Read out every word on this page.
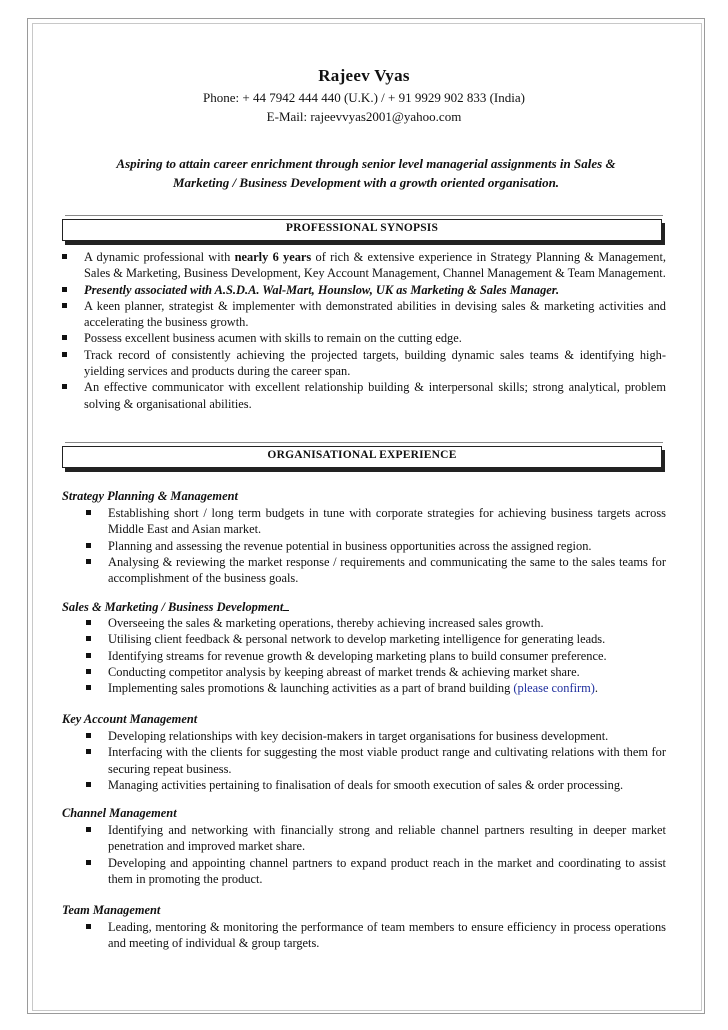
Rajeev Vyas
Phone: + 44 7942 444 440 (U.K.) / + 91 9929 902 833 (India)
E-Mail: rajeevvyas2001@yahoo.com
Aspiring to attain career enrichment through senior level managerial assignments in Sales &
Marketing / Business Development with a growth oriented organisation.
PROFESSIONAL SYNOPSIS
A dynamic professional with nearly 6 years of rich & extensive experience in Strategy Planning & Management, Sales & Marketing, Business Development, Key Account Management, Channel Management & Team Management.
Presently associated with A.S.D.A. Wal-Mart, Hounslow, UK as Marketing & Sales Manager.
A keen planner, strategist & implementer with demonstrated abilities in devising sales & marketing activities and accelerating the business growth.
Possess excellent business acumen with skills to remain on the cutting edge.
Track record of consistently achieving the projected targets, building dynamic sales teams & identifying high-yielding services and products during the career span.
An effective communicator with excellent relationship building & interpersonal skills; strong analytical, problem solving & organisational abilities.
ORGANISATIONAL EXPERIENCE
Strategy Planning & Management
Establishing short / long term budgets in tune with corporate strategies for achieving business targets across Middle East and Asian market.
Planning and assessing the revenue potential in business opportunities across the assigned region.
Analysing & reviewing the market response / requirements and communicating the same to the sales teams for accomplishment of the business goals.
Sales & Marketing / Business Development
Overseeing the sales & marketing operations, thereby achieving increased sales growth.
Utilising client feedback & personal network to develop marketing intelligence for generating leads.
Identifying streams for revenue growth & developing marketing plans to build consumer preference.
Conducting competitor analysis by keeping abreast of market trends & achieving market share.
Implementing sales promotions & launching activities as a part of brand building (please confirm).
Key Account Management
Developing relationships with key decision-makers in target organisations for business development.
Interfacing with the clients for suggesting the most viable product range and cultivating relations with them for securing repeat business.
Managing activities pertaining to finalisation of deals for smooth execution of sales & order processing.
Channel Management
Identifying and networking with financially strong and reliable channel partners resulting in deeper market penetration and improved market share.
Developing and appointing channel partners to expand product reach in the market and coordinating to assist them in promoting the product.
Team Management
Leading, mentoring & monitoring the performance of team members to ensure efficiency in process operations and meeting of individual & group targets.
